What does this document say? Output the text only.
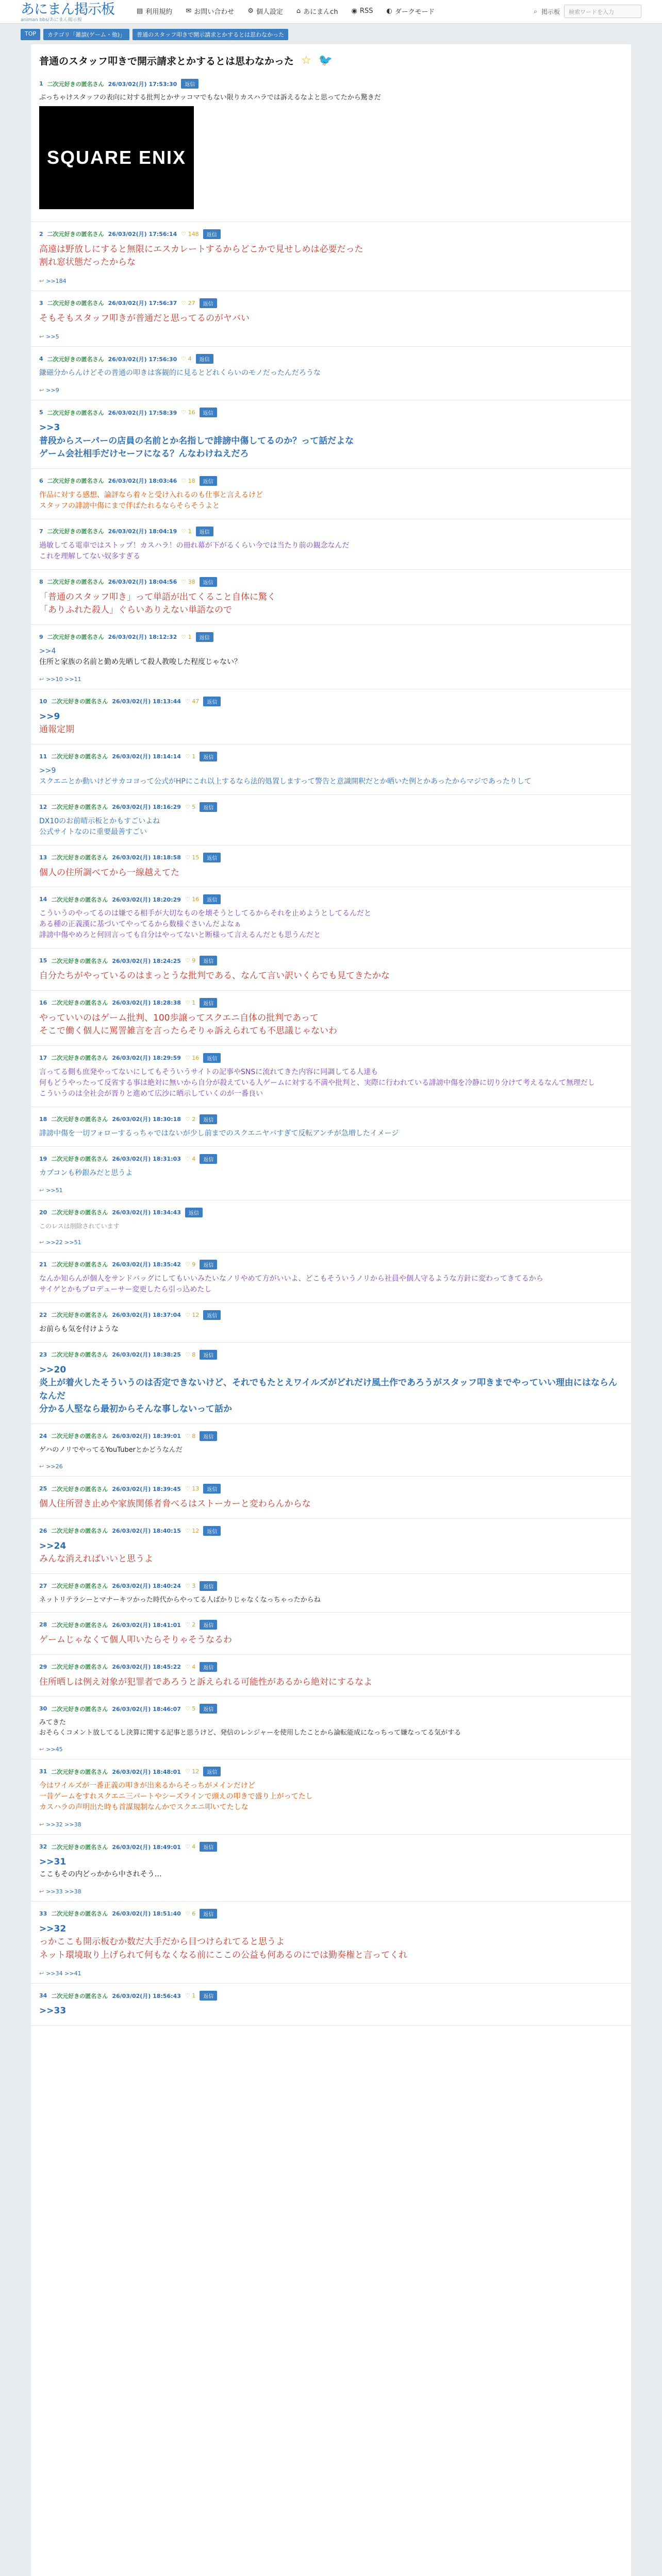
あにまん掲示板
animan bbs/あにまん掲示板
▤ 利用規約 ✉ お問い合わせ ⚙ 個人設定 ⌂ あにまんch ◉ RSS ◐ ダークモード	⌕ 掲示板	検索ワードを入力
TOP	カテゴリ「雑談(ゲーム・他)」	普通のスタッフ叩きで開示請求とかするとは思わなかった
普通のスタッフ叩きで開示請求とかするとは思わなかった ☆ 🐦
1 二次元好きの匿名さん 26/03/02(月) 17:53:30	返信
ぶっちゃけスタッフの表向に対する批判とかサッコマでもない限りカスハラでは訴えるなよと思ってたから驚きだ
SQUARE ENIX
2 二次元好きの匿名さん 26/03/02(月) 17:56:14 ♡ 148	返信
高遠は野放しにすると無限にエスカレートするからどこかで見せしめは必要だった
割れ窓状態だったからな
↩ >>184
3 二次元好きの匿名さん 26/03/02(月) 17:56:37 ♡ 27	返信
そもそもスタッフ叩きが普通だと思ってるのがヤバい
↩ >>5
4 二次元好きの匿名さん 26/03/02(月) 17:56:30 ♡ 4	返信
鎌磁分からんけどその普通の叩きは客観的に見るとどれくらいのモノだったんだろうな
↩ >>9
5 二次元好きの匿名さん 26/03/02(月) 17:58:39 ♡ 16	返信
>>3
普段からスーパーの店員の名前とか名指しで誹謗中傷してるのか？って話だよな
ゲーム会社相手だけセーフになる？んなわけねえだろ
6 二次元好きの匿名さん 26/03/02(月) 18:03:46 ♡ 18	返信
作品に対する感想、論評なら着々と受け入れるのも仕事と言えるけど
スタッフの誹謗中傷にまで伴ぱたれるならそらそうよと
7 二次元好きの匿名さん 26/03/02(月) 18:04:19 ♡ 1	返信
過敏してる電車ではストップ！カスハラ！の冊れ幕が下がるくらい今では当たり前の観念なんだ
これを理解してない奴多すぎる
8 二次元好きの匿名さん 26/03/02(月) 18:04:56 ♡ 38	返信
「普通のスタッフ叩き」って単語が出てくること自体に驚く
「ありふれた殺人」ぐらいありえない単語なので
9 二次元好きの匿名さん 26/03/02(月) 18:12:32 ♡ 1	返信
>>4
住所と家族の名前と勤め先晒して殺人教唆した程度じゃない？
↩ >>10 >>11
10 二次元好きの匿名さん 26/03/02(月) 18:13:44 ♡ 47	返信
>>9
通報定期
11 二次元好きの匿名さん 26/03/02(月) 18:14:14 ♡ 1	返信
>>9
スクエニとか動いけどサカコヨって公式がHPにこれ以上するなら法的処置しますって警告と意識開釈だとか晒いた例とかあったからマジであったりして
12 二次元好きの匿名さん 26/03/02(月) 18:16:29 ♡ 5	返信
DX10のお前晴示板とかもすごいよね
公式サイトなのに重要最善すごい
13 二次元好きの匿名さん 26/03/02(月) 18:18:58 ♡ 15	返信
個人の住所調べてから一線越えてた
14 二次元好きの匿名さん 26/03/02(月) 18:20:29 ♡ 16	返信
こういうのやってるのは嫌でる相手が大切なものを壊そうとしてるからそれを止めようとしてるんだと
ある種の正義漢に基づいてやってるから数様ぐさいんだよなぁ
誹謗中傷やめろと何回言っても自分はやってないと断様って言えるんだとも思うんだと
15 二次元好きの匿名さん 26/03/02(月) 18:24:25 ♡ 9	返信
自分たちがやっているのはまっとうな批判である、なんて言い訳いくらでも見てきたかな
16 二次元好きの匿名さん 26/03/02(月) 18:28:38 ♡ 1	返信
やっていいのはゲーム批判、100歩譲ってスクエニ自体の批判であって
そこで働く個人に罵詈雑言を言ったらそりゃ訴えられても不思議じゃないわ
17 二次元好きの匿名さん 26/03/02(月) 18:29:59 ♡ 16	返信
言ってる側も庶発やってないにしてもそういうサイトの記事やSNSに流れてきた内容に同調してる人達も
何もどうやったって反省する事は絶対に無いから自分が殺えている人ゲームに対する不満や批判と、実際に行われている誹謗中傷を冷静に切り分けて考えるなんて無理だし
こういうのは全社会が晋りと進めて広沙に晒示していくのが一番良い
18 二次元好きの匿名さん 26/03/02(月) 18:30:18 ♡ 2	返信
誹謗中傷を一切フォローするっちゃではないが少し前までのスクエニヤバすぎて反転アンチが急増したイメージ
19 二次元好きの匿名さん 26/03/02(月) 18:31:03 ♡ 4	返信
カプコンも秒銀みだと思うよ
↩ >>51
20 二次元好きの匿名さん 26/03/02(月) 18:34:43	返信
このレスは削除されています
↩ >>22 >>51
21 二次元好きの匿名さん 26/03/02(月) 18:35:42 ♡ 9	返信
なんか知らんが個人をサンドバッグにしてもいいみたいなノリやめて方がいいよ、どこもそういうノリから社員や個人守るような方針に変わってきてるから
サイゲとかもプロデューサー変更したら引っ込めたし
22 二次元好きの匿名さん 26/03/02(月) 18:37:04 ♡ 12	返信
お前らも気を付けような
23 二次元好きの匿名さん 26/03/02(月) 18:38:25 ♡ 8	返信
>>20
炎上が着火したそういうのは否定できないけど、それでもたとえワイルズがどれだけ風土作であろうがスタッフ叩きまでやっていい理由にはならんなんだ
分かる人堅なら最初からそんな事しないって話か
24 二次元好きの匿名さん 26/03/02(月) 18:39:01 ♡ 8	返信
ゲハのノリでやってるYouTuberとかどうなんだ
↩ >>26
25 二次元好きの匿名さん 26/03/02(月) 18:39:45 ♡ 13	返信
個人住所習き止めや家族関係者脅べるはストーカーと変わらんからな
26 二次元好きの匿名さん 26/03/02(月) 18:40:15 ♡ 12	返信
>>24
みんな消えればいいと思うよ
27 二次元好きの匿名さん 26/03/02(月) 18:40:24 ♡ 3	返信
ネットリテラシーとマナーキツかった時代からやってる人ばかりじゃなくなっちゃったからね
28 二次元好きの匿名さん 26/03/02(月) 18:41:01 ♡ 2	返信
ゲームじゃなくて個人叩いたらそりゃそうなるわ
29 二次元好きの匿名さん 26/03/02(月) 18:45:22 ♡ 4	返信
住所晒しは例え対象が犯罪者であろうと訴えられる可能性があるから絶対にするなよ
30 二次元好きの匿名さん 26/03/02(月) 18:46:07 ♡ 5	返信
みてきた
おそらくコメント放してるし決算に関する記事と思うけど、発信のレンジャーを使用したことから論転能成になっちって嫌なってる気がする
↩ >>45
31 二次元好きの匿名さん 26/03/02(月) 18:48:01 ♡ 12	返信
今はワイルズが一番正義の叩きが出来るからそっちがメインだけど
一昔ゲームをすれスクエニ三パートやシーズラインで頭えの叩きで盛り上がってたし
カスハラの声明出た時も首謀規制なんかでスクエニ叩いてたしな
↩ >>32 >>38
32 二次元好きの匿名さん 26/03/02(月) 18:49:01 ♡ 4	返信
>>31
ここもその内どっかから中されそう…
↩ >>33 >>38
33 二次元好きの匿名さん 26/03/02(月) 18:51:40 ♡ 6	返信
>>32
っかここも開示板むか数だ大手だから目つけられてると思うよ
ネット環境取り上げられて何もなくなる前にここの公益も何あるのにでは勤奏権と言ってくれ
↩ >>34 >>41
34 二次元好きの匿名さん 26/03/02(月) 18:56:43 ♡ 1	返信
>>33
